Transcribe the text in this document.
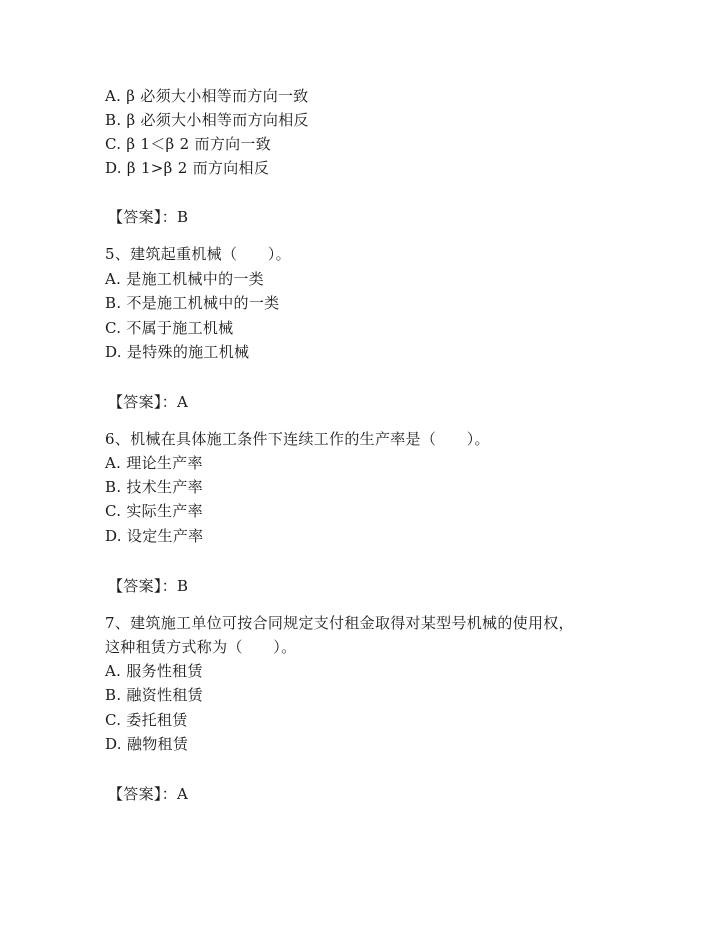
A. β 必须大小相等而方向一致
B. β 必须大小相等而方向相反
C. β 1＜β 2 而方向一致
D. β 1>β 2 而方向相反
【答案】：B
5、建筑起重机械（　　）。
A. 是施工机械中的一类
B. 不是施工机械中的一类
C. 不属于施工机械
D. 是特殊的施工机械
【答案】：A
6、机械在具体施工条件下连续工作的生产率是（　　）。
A. 理论生产率
B. 技术生产率
C. 实际生产率
D. 设定生产率
【答案】：B
7、建筑施工单位可按合同规定支付租金取得对某型号机械的使用权，
这种租赁方式称为（　　）。
A. 服务性租赁
B. 融资性租赁
C. 委托租赁
D. 融物租赁
【答案】：A
